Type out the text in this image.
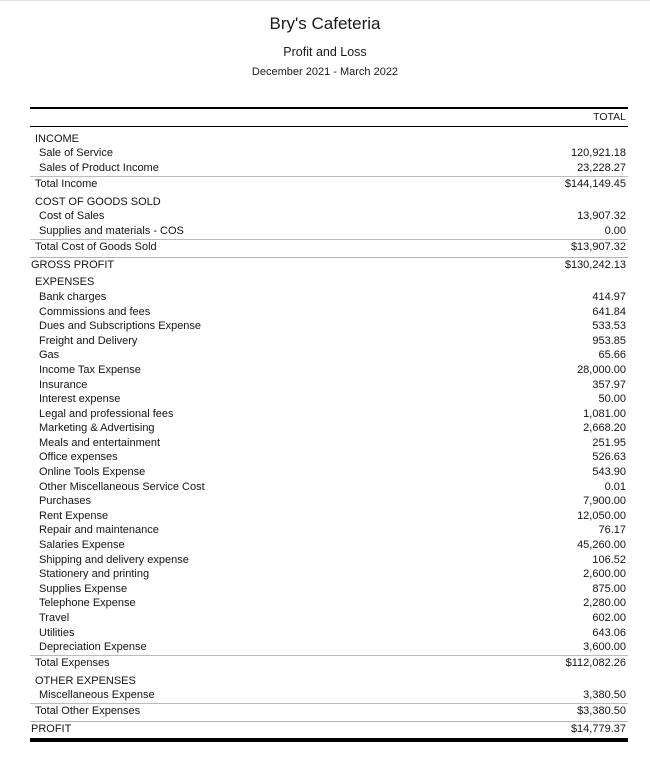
Bry's Cafeteria
Profit and Loss
December 2021 - March 2022
TOTAL
INCOME
Sale of Service	120,921.18
Sales of Product Income	23,228.27
Total Income	$144,149.45
COST OF GOODS SOLD
Cost of Sales	13,907.32
Supplies and materials - COS	0.00
Total Cost of Goods Sold	$13,907.32
GROSS PROFIT	$130,242.13
EXPENSES
Bank charges	414.97
Commissions and fees	641.84
Dues and Subscriptions Expense	533.53
Freight and Delivery	953.85
Gas	65.66
Income Tax Expense	28,000.00
Insurance	357.97
Interest expense	50.00
Legal and professional fees	1,081.00
Marketing & Advertising	2,668.20
Meals and entertainment	251.95
Office expenses	526.63
Online Tools Expense	543.90
Other Miscellaneous Service Cost	0.01
Purchases	7,900.00
Rent Expense	12,050.00
Repair and maintenance	76.17
Salaries Expense	45,260.00
Shipping and delivery expense	106.52
Stationery and printing	2,600.00
Supplies Expense	875.00
Telephone Expense	2,280.00
Travel	602.00
Utilities	643.06
Depreciation Expense	3,600.00
Total Expenses	$112,082.26
OTHER EXPENSES
Miscellaneous Expense	3,380.50
Total Other Expenses	$3,380.50
PROFIT	$14,779.37
